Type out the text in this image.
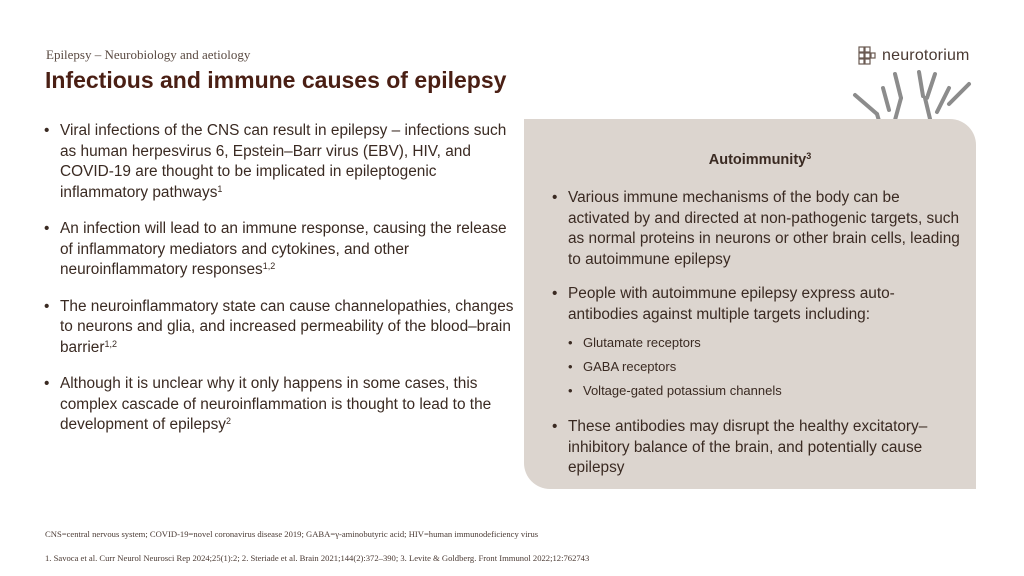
Epilepsy – Neurobiology and aetiology
Infectious and immune causes of epilepsy
neurotorium
• Viral infections of the CNS can result in epilepsy – infections such as human herpesvirus 6, Epstein–Barr virus (EBV), HIV, and COVID-19 are thought to be implicated in epileptogenic inflammatory pathways$^1$
• An infection will lead to an immune response, causing the release of inflammatory mediators and cytokines, and other neuroinflammatory responses$^{1,2}$
• The neuroinflammatory state can cause channelopathies, changes to neurons and glia, and increased permeability of the blood–brain barrier$^{1,2}$
• Although it is unclear why it only happens in some cases, this complex cascade of neuroinflammation is thought to lead to the development of epilepsy$^2$
Autoimmunity$^3$
• Various immune mechanisms of the body can be activated by and directed at non-pathogenic targets, such as normal proteins in neurons or other brain cells, leading to autoimmune epilepsy
• People with autoimmune epilepsy express auto-antibodies against multiple targets including:
• Glutamate receptors
• GABA receptors
• Voltage-gated potassium channels
• These antibodies may disrupt the healthy excitatory–inhibitory balance of the brain, and potentially cause epilepsy
CNS=central nervous system; COVID-19=novel coronavirus disease 2019; GABA=γ-aminobutyric acid; HIV=human immunodeficiency virus
1. Savoca et al. Curr Neurol Neurosci Rep 2024;25(1):2; 2. Steriade et al. Brain 2021;144(2):372–390; 3. Levite & Goldberg. Front Immunol 2022;12:762743
